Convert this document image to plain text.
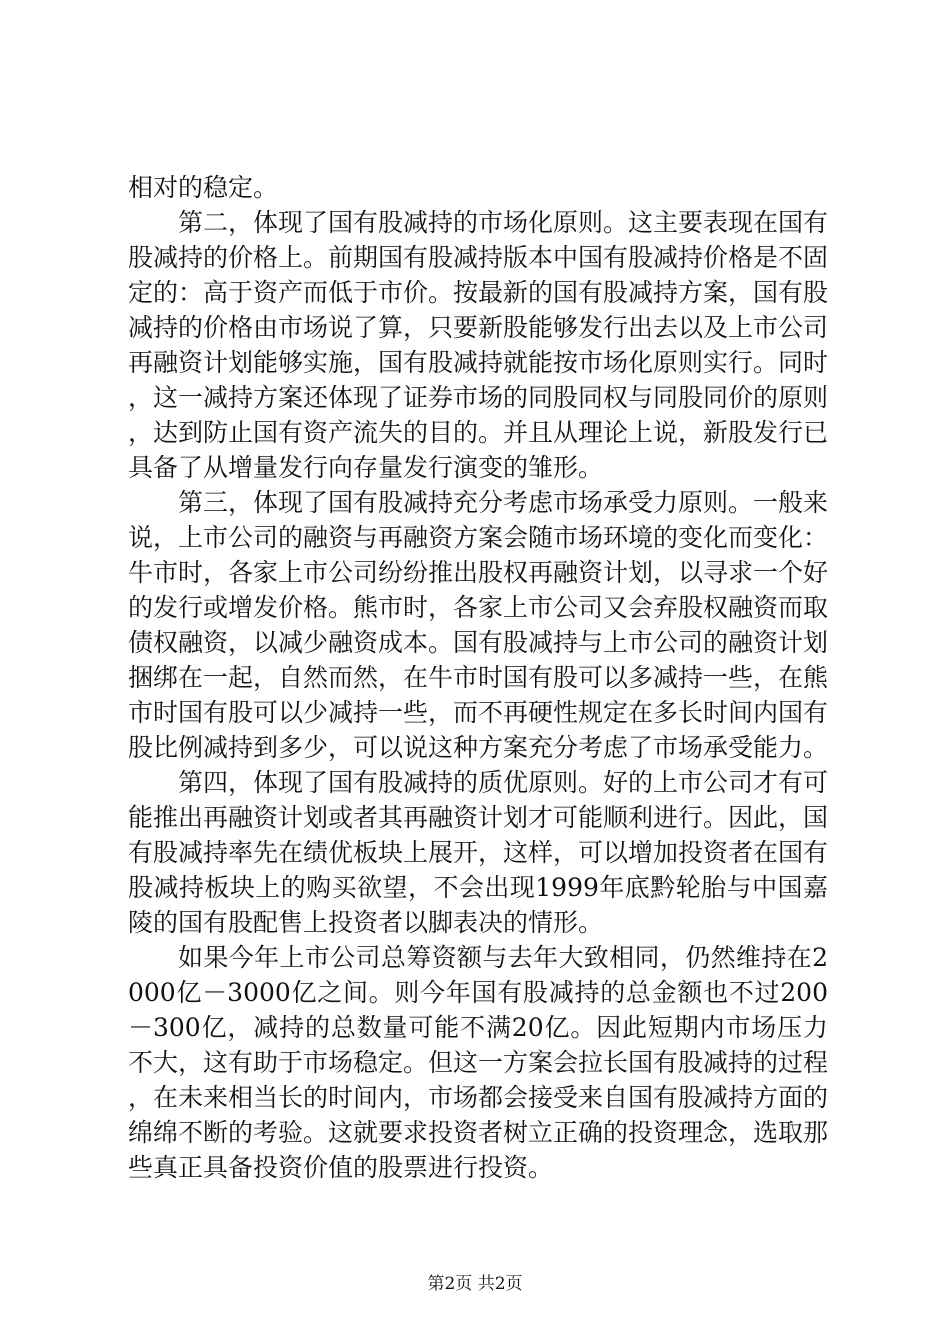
相对的稳定。

第二，体现了国有股减持的市场化原则。这主要表现在国有股减持的价格上。前期国有股减持版本中国有股减持价格是不固定的：高于资产而低于市价。按最新的国有股减持方案，国有股减持的价格由市场说了算，只要新股能够发行出去以及上市公司再融资计划能够实施，国有股减持就能按市场化原则实行。同时，这一减持方案还体现了证券市场的同股同权与同股同价的原则，达到防止国有资产流失的目的。并且从理论上说，新股发行已具备了从增量发行向存量发行演变的雏形。

第三，体现了国有股减持充分考虑市场承受力原则。一般来说，上市公司的融资与再融资方案会随市场环境的变化而变化：牛市时，各家上市公司纷纷推出股权再融资计划，以寻求一个好的发行或增发价格。熊市时，各家上市公司又会弃股权融资而取债权融资，以减少融资成本。国有股减持与上市公司的融资计划捆绑在一起，自然而然，在牛市时国有股可以多减持一些，在熊市时国有股可以少减持一些，而不再硬性规定在多长时间内国有股比例减持到多少，可以说这种方案充分考虑了市场承受能力。

第四，体现了国有股减持的质优原则。好的上市公司才有可能推出再融资计划或者其再融资计划才可能顺利进行。因此，国有股减持率先在绩优板块上展开，这样，可以增加投资者在国有股减持板块上的购买欲望，不会出现1999年底黔轮胎与中国嘉陵的国有股配售上投资者以脚表决的情形。

如果今年上市公司总筹资额与去年大致相同，仍然维持在2000亿－3000亿之间。则今年国有股减持的总金额也不过200－300亿，减持的总数量可能不满20亿。因此短期内市场压力不大，这有助于市场稳定。但这一方案会拉长国有股减持的过程，在未来相当长的时间内，市场都会接受来自国有股减持方面的绵绵不断的考验。这就要求投资者树立正确的投资理念，选取那些真正具备投资价值的股票进行投资。

第2页 共2页
